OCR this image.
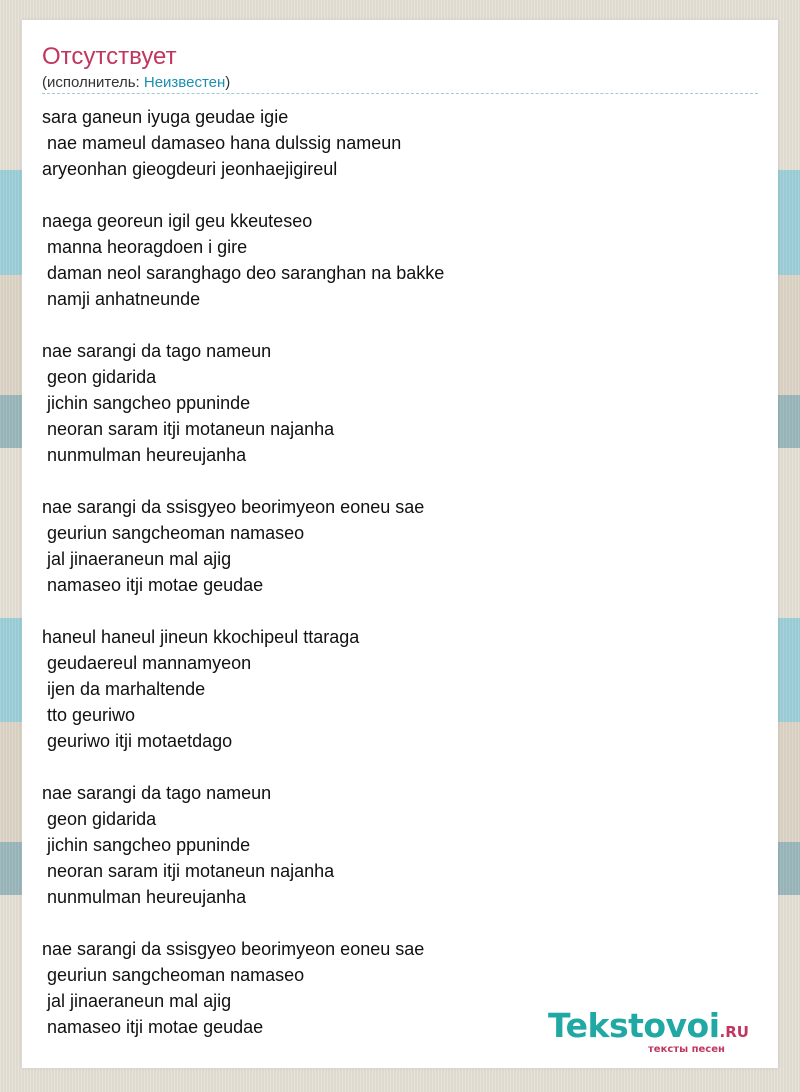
Отсутствует
(исполнитель: Неизвестен)
sara ganeun iyuga geudae igie
nae mameul damaseo hana dulssig nameun
aryeonhan gieogdeuri jeonhaejigireul
naega georeun igil geu kkeuteseo
manna heoragdoen i gire
daman neol saranghago deo saranghan na bakke
namji anhatneunde
nae sarangi da tago nameun
geon gidarida
jichin sangcheo ppuninde
neoran saram itji motaneun najanha
nunmulman heureujanha
nae sarangi da ssisgyeo beorimyeon eoneu sae
geuriun sangcheoman namaseo
jal jinaeraneun mal ajig
namaseo itji motae geudae
haneul haneul jineun kkochipeul ttaraga
geudaereul mannamyeon
ijen da marhaltende
tto geuriwo
geuriwo itji motaetdago
nae sarangi da tago nameun
geon gidarida
jichin sangcheo ppuninde
neoran saram itji motaneun najanha
nunmulman heureujanha
nae sarangi da ssisgyeo beorimyeon eoneu sae
geuriun sangcheoman namaseo
jal jinaeraneun mal ajig
namaseo itji motae geudae	Tekstovoi.RU
тексты песен
